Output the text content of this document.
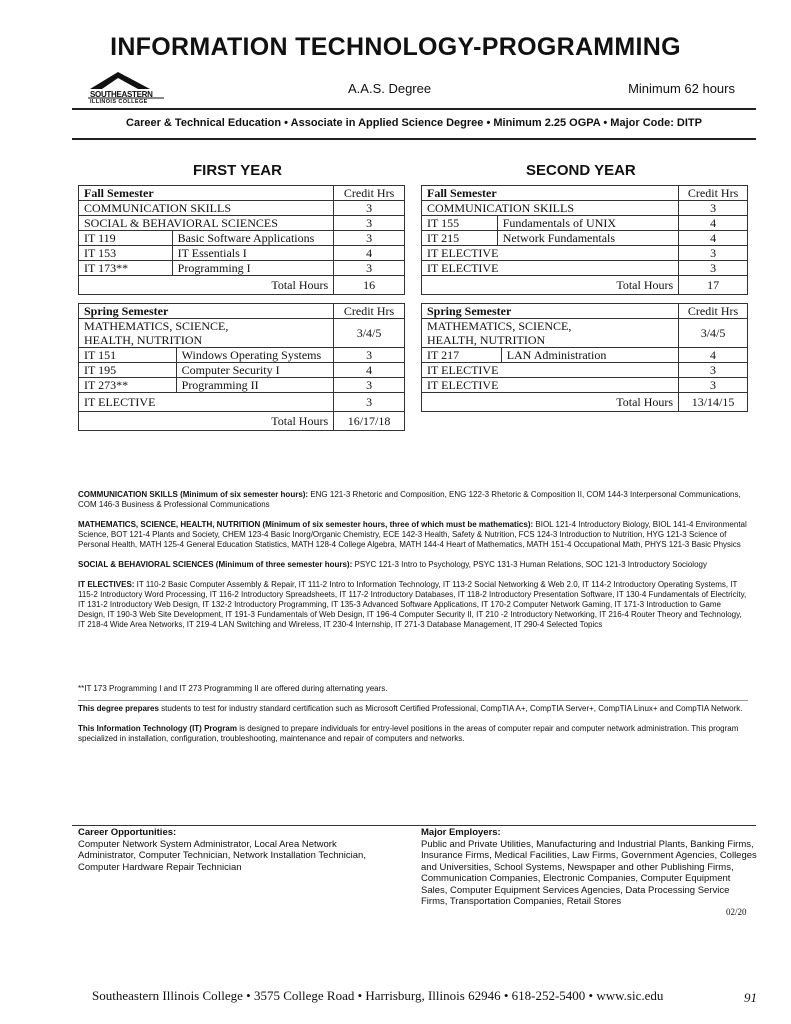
INFORMATION TECHNOLOGY-PROGRAMMING
SOUTHEASTERN
ILLINOIS COLLEGE
A.A.S. Degree	Minimum 62 hours
Career & Technical Education • Associate in Applied Science Degree • Minimum 2.25 OGPA • Major Code: DITP
FIRST YEAR	SECOND YEAR
Fall Semester		Credit Hrs
COMMUNICATION SKILLS		3
SOCIAL & BEHAVIORAL SCIENCES		3
IT 119	Basic Software Applications	3
IT 153	IT Essentials I	4
IT 173**	Programming I	3
Total Hours		16
Spring Semester		Credit Hrs
MATHEMATICS, SCIENCE, HEALTH, NUTRITION		3/4/5
IT 151	Windows Operating Systems	3
IT 195	Computer Security I	4
IT 273**	Programming II	3
IT ELECTIVE		3
Total Hours		16/17/18
Fall Semester		Credit Hrs
COMMUNICATION SKILLS		3
IT 155	Fundamentals of UNIX	4
IT 215	Network Fundamentals	4
IT ELECTIVE		3
IT ELECTIVE		3
Total Hours		17
Spring Semester		Credit Hrs
MATHEMATICS, SCIENCE, HEALTH, NUTRITION		3/4/5
IT 217	LAN Administration	4
IT ELECTIVE		3
IT ELECTIVE		3
Total Hours		13/14/15

COMMUNICATION SKILLS (Minimum of six semester hours): ENG 121-3 Rhetoric and Composition, ENG 122-3 Rhetoric & Composition II, COM 144-3 Interpersonal Communications, COM 146-3 Business & Professional Communications

MATHEMATICS, SCIENCE, HEALTH, NUTRITION (Minimum of six semester hours, three of which must be mathematics): BIOL 121-4 Introductory Biology, BIOL 141-4 Environmental Science, BOT 121-4 Plants and Society, CHEM 123-4 Basic Inorg/Organic Chemistry, ECE 142-3 Health, Safety & Nutrition, FCS 124-3 Introduction to Nutrition, HYG 121-3 Science of Personal Health, MATH 125-4 General Education Statistics, MATH 128-4 College Algebra, MATH 144-4 Heart of Mathematics, MATH 151-4 Occupational Math, PHYS 121-3 Basic Physics

SOCIAL & BEHAVIORAL SCIENCES (Minimum of three semester hours): PSYC 121-3 Intro to Psychology, PSYC 131-3 Human Relations, SOC 121-3 Introductory Sociology

IT ELECTIVES: IT 110-2 Basic Computer Assembly & Repair, IT 111-2 Intro to Information Technology, IT 113-2 Social Networking & Web 2.0, IT 114-2 Introductory Operating Systems, IT 115-2 Introductory Word Processing, IT 116-2 Introductory Spreadsheets, IT 117-2 Introductory Databases, IT 118-2 Introductory Presentation Software, IT 130-4 Fundamentals of Electricity, IT 131-2 Introductory Web Design, IT 132-2 Introductory Programming, IT 135-3 Advanced Software Applications, IT 170-2 Computer Network Gaming, IT 171-3 Introduction to Game Design, IT 190-3 Web Site Development, IT 191-3 Fundamentals of Web Design, IT 196-4 Computer Security II, IT 210 -2 Introductory Networking, IT 216-4 Router Theory and Technology, IT 218-4 Wide Area Networks, IT 219-4 LAN Switching and Wireless, IT 230-4 Internship, IT 271-3 Database Management, IT 290-4 Selected Topics

**IT 173 Programming I and IT 273 Programming II are offered during alternating years.

This degree prepares students to test for industry standard certification such as Microsoft Certified Professional, CompTIA A+, CompTIA Server+, CompTIA Linux+ and CompTIA Network.

This Information Technology (IT) Program is designed to prepare individuals for entry-level positions in the areas of computer repair and computer network administration. This program specialized in installation, configuration, troubleshooting, maintenance and repair of computers and networks.

Career Opportunities:
Computer Network System Administrator, Local Area Network Administrator, Computer Technician, Network Installation Technician, Computer Hardware Repair Technician
Major Employers:
Public and Private Utilities, Manufacturing and Industrial Plants, Banking Firms, Insurance Firms, Medical Facilities, Law Firms, Government Agencies, Colleges and Universities, School Systems, Newspaper and other Publishing Firms, Communication Companies, Electronic Companies, Computer Equipment Sales, Computer Equipment Services Agencies, Data Processing Service Firms, Transportation Companies, Retail Stores
02/20
Southeastern Illinois College • 3575 College Road • Harrisburg, Illinois 62946 • 618-252-5400 • www.sic.edu	91
